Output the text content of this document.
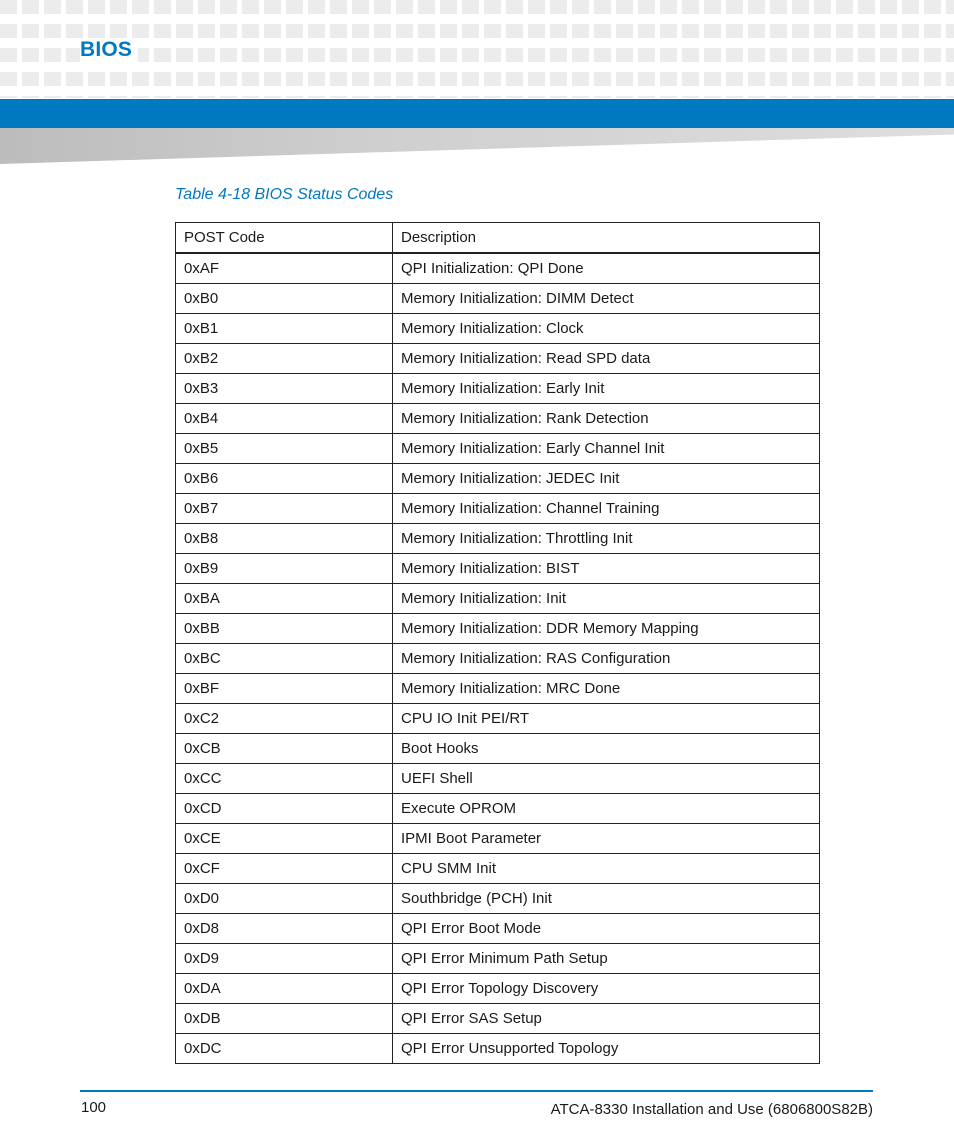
BIOS
Table 4-18 BIOS Status Codes
POST Code	Description
0xAF	QPI Initialization: QPI Done
0xB0	Memory Initialization: DIMM Detect
0xB1	Memory Initialization: Clock
0xB2	Memory Initialization: Read SPD data
0xB3	Memory Initialization: Early Init
0xB4	Memory Initialization: Rank Detection
0xB5	Memory Initialization: Early Channel Init
0xB6	Memory Initialization: JEDEC Init
0xB7	Memory Initialization: Channel Training
0xB8	Memory Initialization: Throttling Init
0xB9	Memory Initialization: BIST
0xBA	Memory Initialization: Init
0xBB	Memory Initialization: DDR Memory Mapping
0xBC	Memory Initialization: RAS Configuration
0xBF	Memory Initialization: MRC Done
0xC2	CPU IO Init PEI/RT
0xCB	Boot Hooks
0xCC	UEFI Shell
0xCD	Execute OPROM
0xCE	IPMI Boot Parameter
0xCF	CPU SMM Init
0xD0	Southbridge (PCH) Init
0xD8	QPI Error Boot Mode
0xD9	QPI Error Minimum Path Setup
0xDA	QPI Error Topology Discovery
0xDB	QPI Error SAS Setup
0xDC	QPI Error Unsupported Topology
100	ATCA-8330 Installation and Use (6806800S82B)
